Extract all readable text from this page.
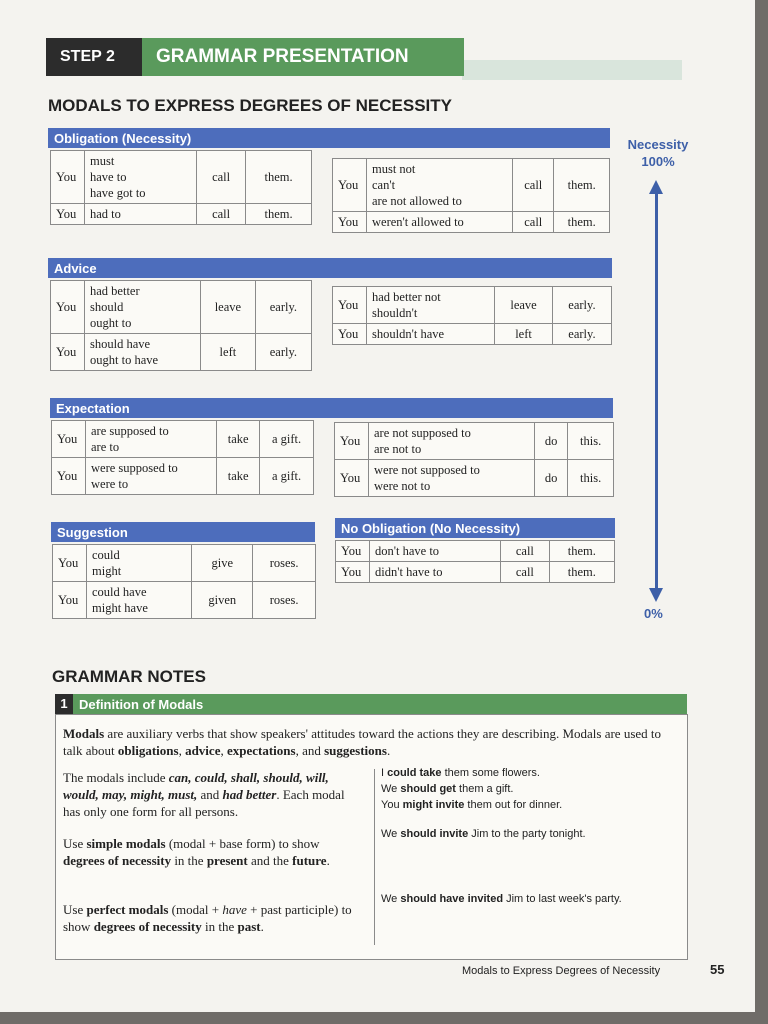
STEP 2	GRAMMAR PRESENTATION
MODALS TO EXPRESS DEGREES OF NECESSITY
Obligation (Necessity)
You	must
have to
have got to	call	them.
You	had to	call	them.
You	must not
can't
are not allowed to	call	them.
You	weren't allowed to	call	them.
Advice
You	had better
should
ought to	leave	early.
You	should have
ought to have	left	early.
You	had better not
shouldn't	leave	early.
You	shouldn't have	left	early.
Expectation
You	are supposed to
are to	take	a gift.
You	were supposed to
were to	take	a gift.
You	are not supposed to
are not to	do	this.
You	were not supposed to
were not to	do	this.
Suggestion
You	could
might	give	roses.
You	could have
might have	given	roses.
No Obligation (No Necessity)
You	don't have to	call	them.
You	didn't have to	call	them.
Necessity
100%
0%
GRAMMAR NOTES
1 Definition of Modals
Modals are auxiliary verbs that show speakers' attitudes toward the actions they are describing. Modals are used to talk about obligations, advice, expectations, and suggestions.
The modals include can, could, shall, should, will, would, may, might, must, and had better. Each modal has only one form for all persons.
Use simple modals (modal + base form) to show degrees of necessity in the present and the future.
Use perfect modals (modal + have + past participle) to show degrees of necessity in the past.
I could take them some flowers.
We should get them a gift.
You might invite them out for dinner.
We should invite Jim to the party tonight.
We should have invited Jim to last week's party.
Modals to Express Degrees of Necessity	55
